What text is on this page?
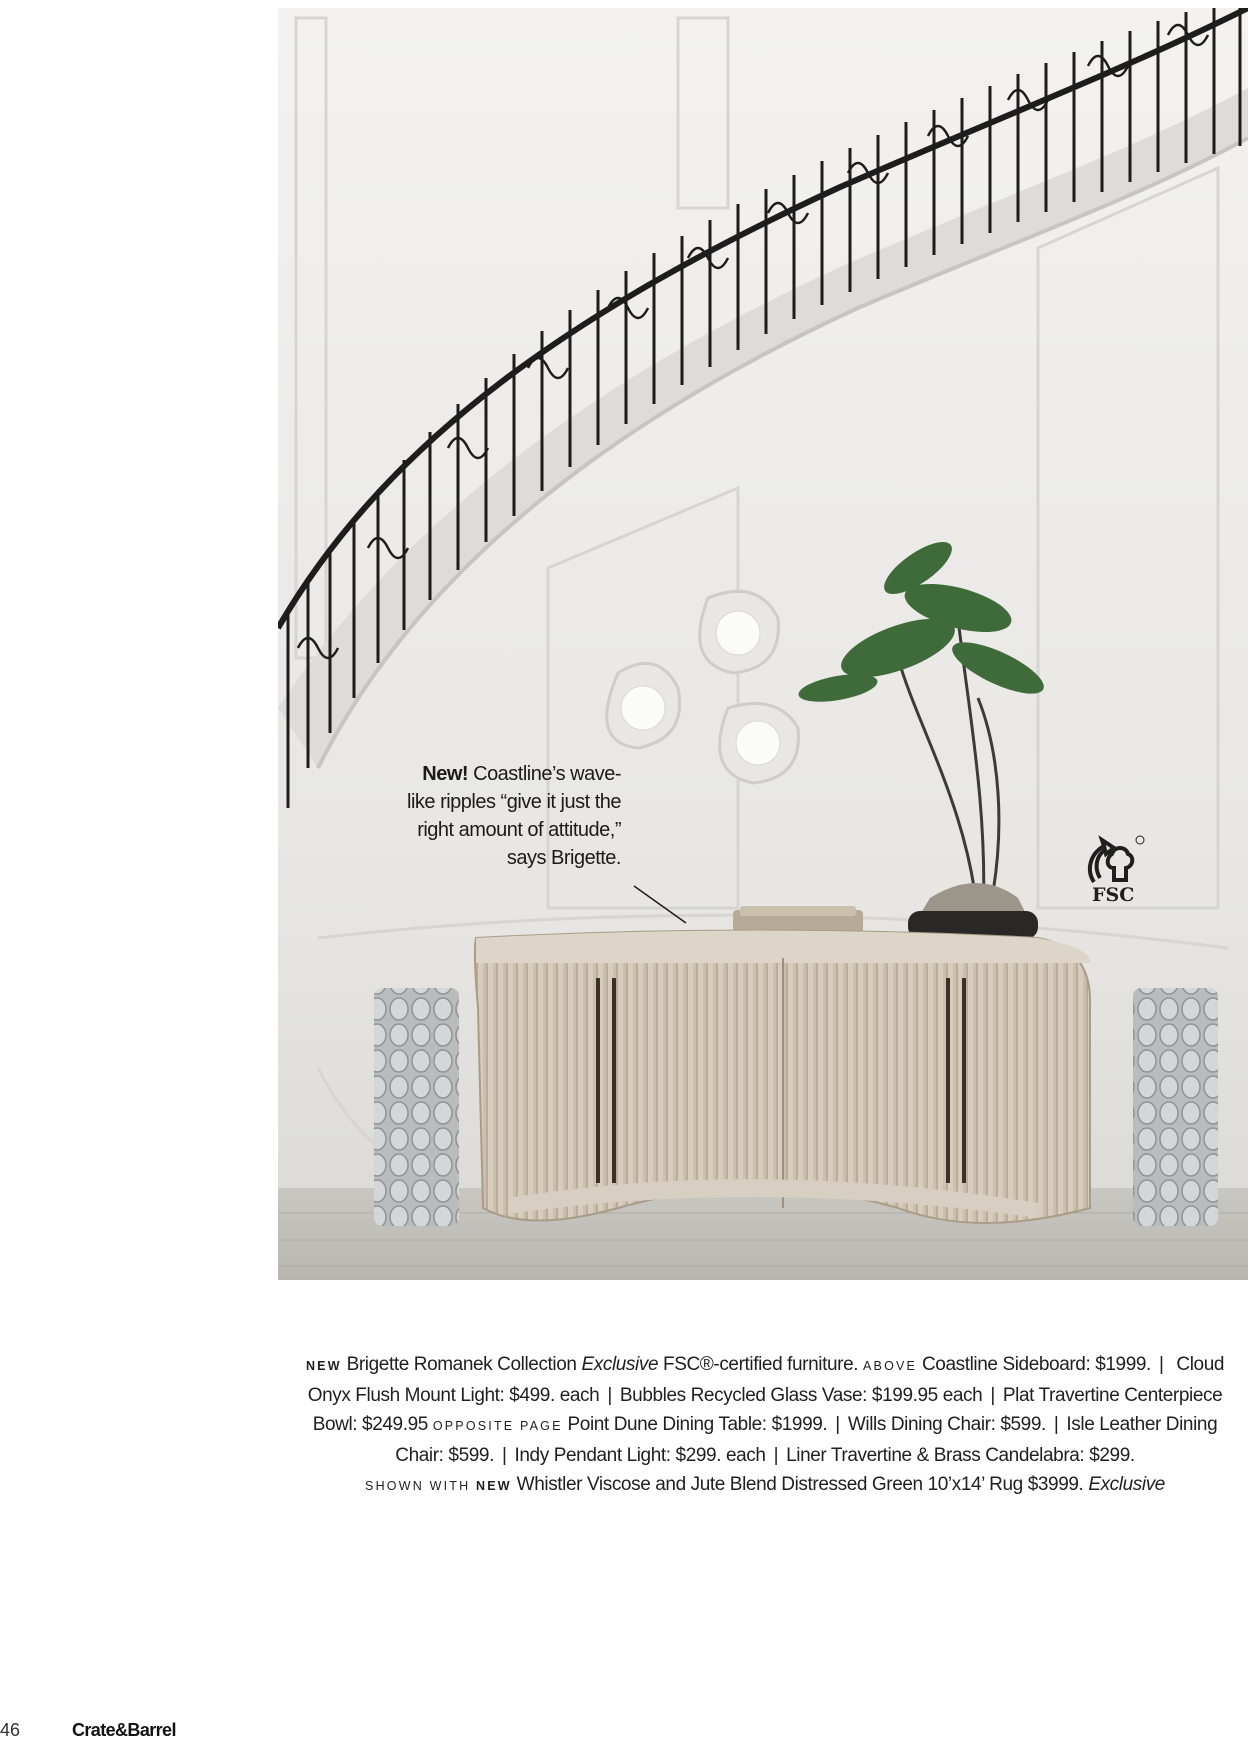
New! Coastline’s wave-like ripples “give it just the right amount of attitude,” says Brigette.
FSC
NEW Brigette Romanek Collection Exclusive FSC®-certified furniture. ABOVE Coastline Sideboard: $1999. | Cloud Onyx Flush Mount Light: $499. each | Bubbles Recycled Glass Vase: $199.95 each | Plat Travertine Centerpiece Bowl: $249.95 OPPOSITE PAGE Point Dune Dining Table: $1999. | Wills Dining Chair: $599. | Isle Leather Dining Chair: $599. | Indy Pendant Light: $299. each | Liner Travertine & Brass Candelabra: $299.
SHOWN WITH NEW Whistler Viscose and Jute Blend Distressed Green 10’x14’ Rug $3999. Exclusive
46	Crate&Barrel
